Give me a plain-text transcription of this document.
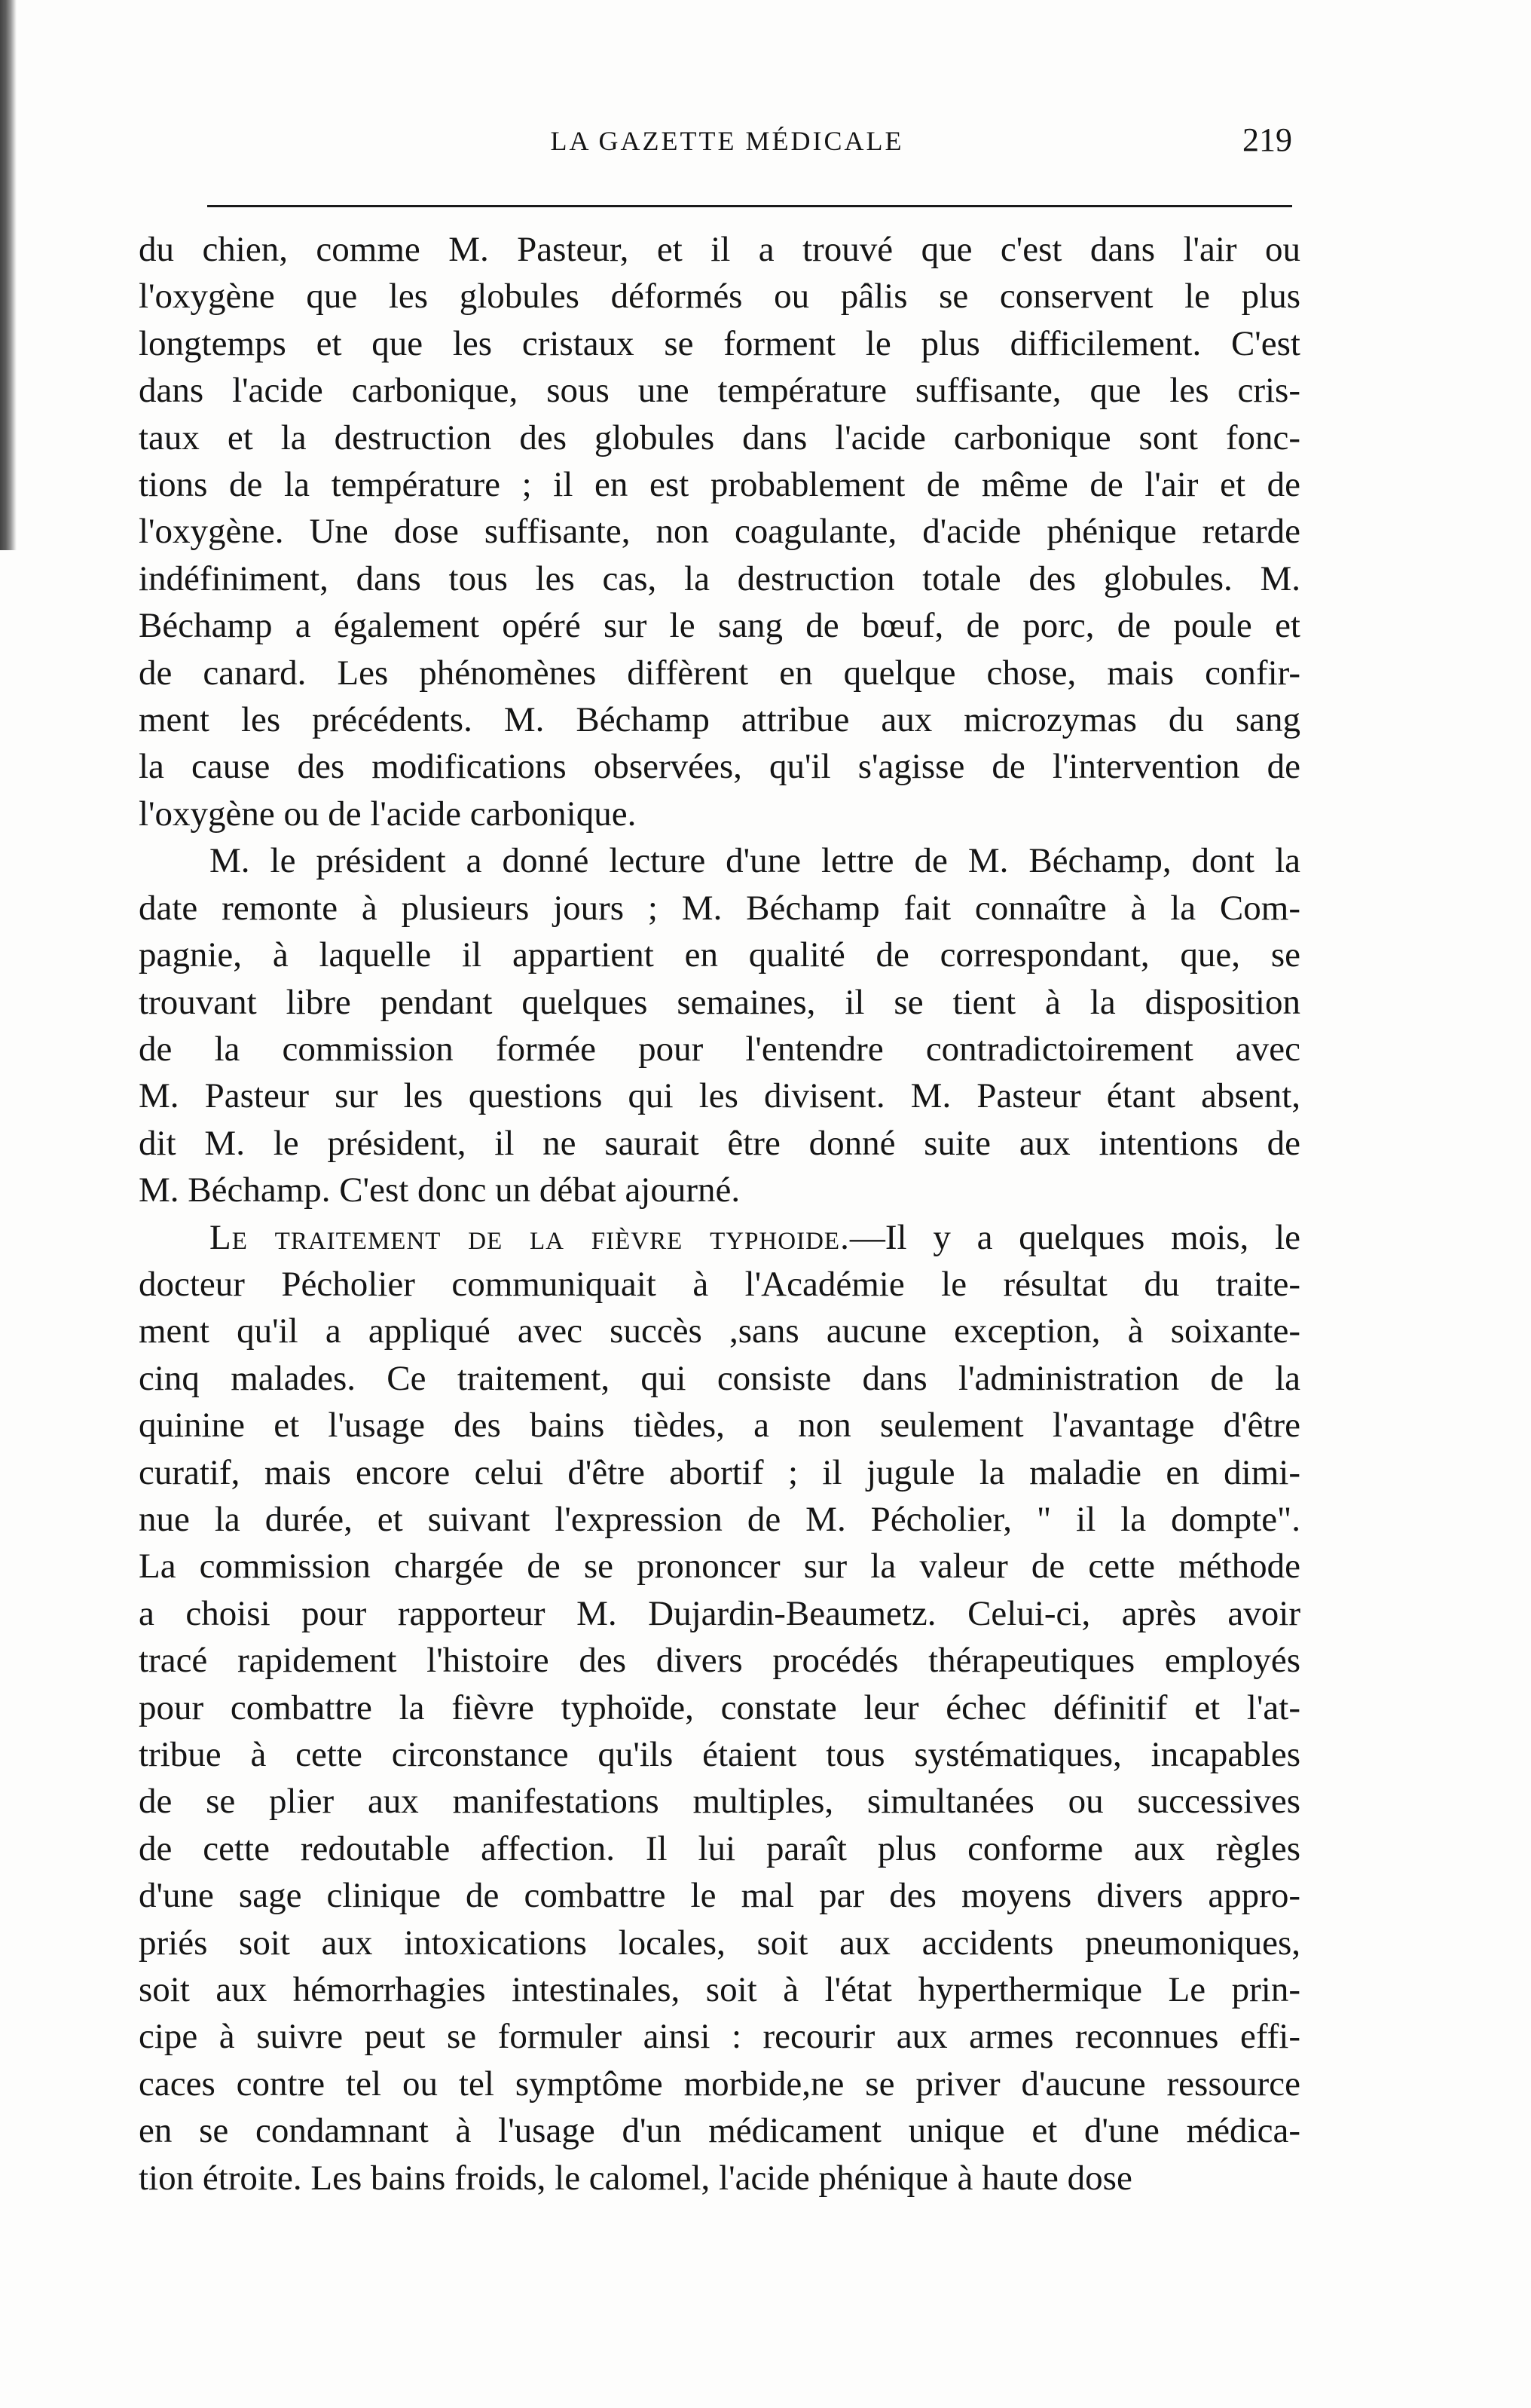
LA GAZETTE MÉDICALE	219
du chien, comme M. Pasteur, et il a trouvé que c'est dans l'air ou
l'oxygène que les globules déformés ou pâlis se conservent le plus
longtemps et que les cristaux se forment le plus difficilement. C'est
dans l'acide carbonique, sous une température suffisante, que les cris-
taux et la destruction des globules dans l'acide carbonique sont fonc-
tions de la température ; il en est probablement de même de l'air et de
l'oxygène. Une dose suffisante, non coagulante, d'acide phénique retarde
indéfiniment, dans tous les cas, la destruction totale des globules. M.
Béchamp a également opéré sur le sang de bœuf, de porc, de poule et
de canard. Les phénomènes diffèrent en quelque chose, mais confir-
ment les précédents. M. Béchamp attribue aux microzymas du sang
la cause des modifications observées, qu'il s'agisse de l'intervention de
l'oxygène ou de l'acide carbonique.
M. le président a donné lecture d'une lettre de M. Béchamp, dont la
date remonte à plusieurs jours ; M. Béchamp fait connaître à la Com-
pagnie, à laquelle il appartient en qualité de correspondant, que, se
trouvant libre pendant quelques semaines, il se tient à la disposition
de la commission formée pour l'entendre contradictoirement avec
M. Pasteur sur les questions qui les divisent. M. Pasteur étant absent,
dit M. le président, il ne saurait être donné suite aux intentions de
M. Béchamp. C'est donc un débat ajourné.
Le traitement de la fièvre typhoide.—Il y a quelques mois, le
docteur Pécholier communiquait à l'Académie le résultat du traite-
ment qu'il a appliqué avec succès ,sans aucune exception, à soixante-
cinq malades. Ce traitement, qui consiste dans l'administration de la
quinine et l'usage des bains tièdes, a non seulement l'avantage d'être
curatif, mais encore celui d'être abortif ; il jugule la maladie en dimi-
nue la durée, et suivant l'expression de M. Pécholier, " il la dompte".
La commission chargée de se prononcer sur la valeur de cette méthode
a choisi pour rapporteur M. Dujardin-Beaumetz. Celui-ci, après avoir
tracé rapidement l'histoire des divers procédés thérapeutiques employés
pour combattre la fièvre typhoïde, constate leur échec définitif et l'at-
tribue à cette circonstance qu'ils étaient tous systématiques, incapables
de se plier aux manifestations multiples, simultanées ou successives
de cette redoutable affection. Il lui paraît plus conforme aux règles
d'une sage clinique de combattre le mal par des moyens divers appro-
priés soit aux intoxications locales, soit aux accidents pneumoniques,
soit aux hémorrhagies intestinales, soit à l'état hyperthermique Le prin-
cipe à suivre peut se formuler ainsi : recourir aux armes reconnues effi-
caces contre tel ou tel symptôme morbide,ne se priver d'aucune ressource
en se condamnant à l'usage d'un médicament unique et d'une médica-
tion étroite. Les bains froids, le calomel, l'acide phénique à haute dose
